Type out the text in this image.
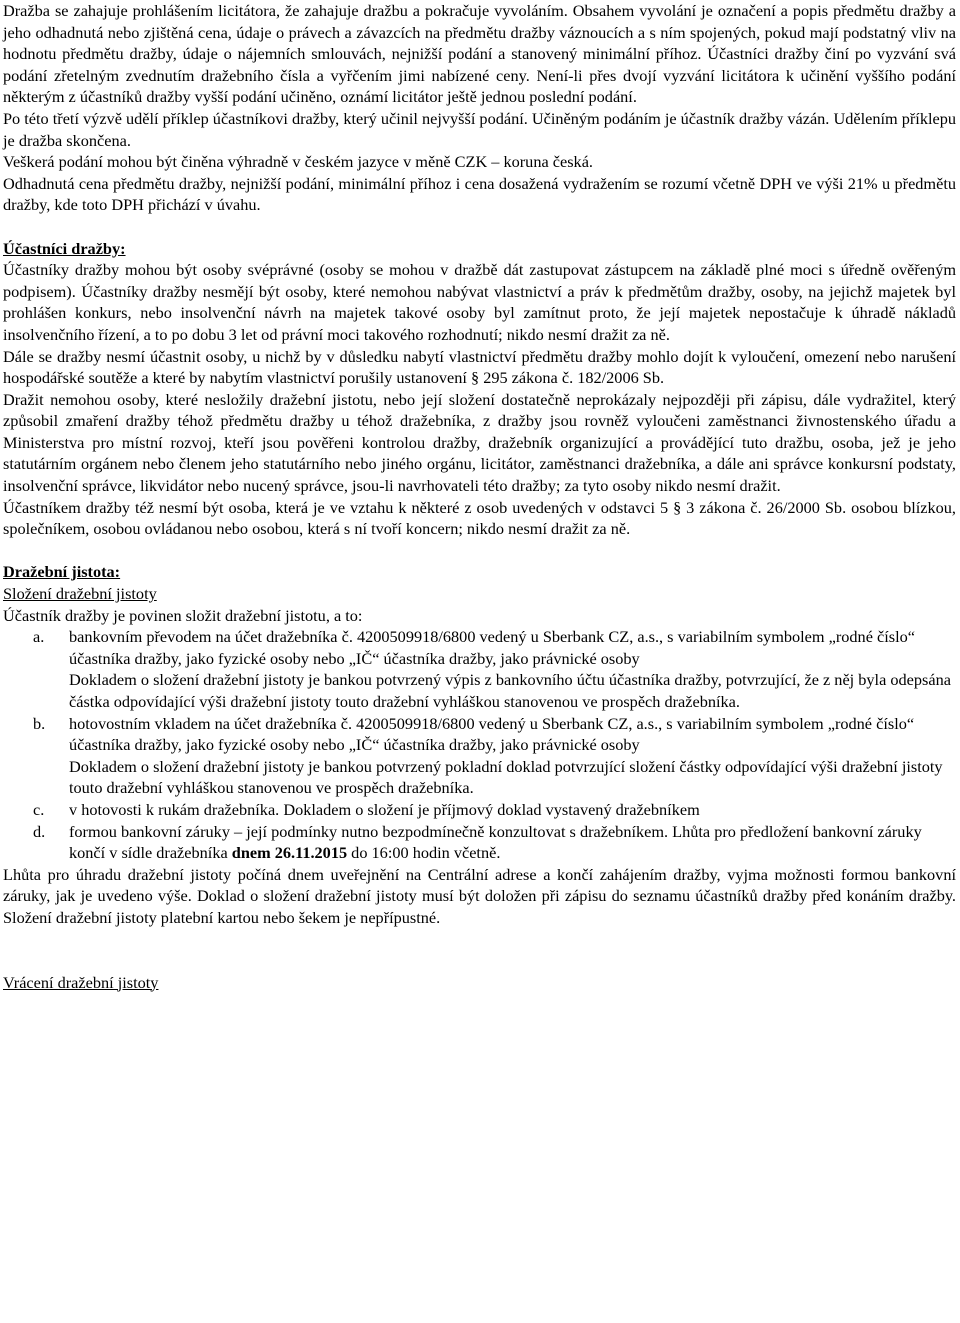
Dražba se zahajuje prohlášením licitátora, že zahajuje dražbu a pokračuje vyvoláním. Obsahem vyvolání je označení a popis předmětu dražby a jeho odhadnutá nebo zjištěná cena, údaje o právech a závazcích na předmětu dražby váznoucích a s ním spojených, pokud mají podstatný vliv na hodnotu předmětu dražby, údaje o nájemních smlouvách, nejnižší podání a stanovený minimální příhoz. Účastníci dražby činí po vyzvání svá podání zřetelným zvednutím dražebního čísla a vyřčením jimi nabízené ceny. Není-li přes dvojí vyzvání licitátora k učinění vyššího podání některým z účastníků dražby vyšší podání učiněno, oznámí licitátor ještě jednou poslední podání.
Po této třetí výzvě udělí příklep účastníkovi dražby, který učinil nejvyšší podání. Učiněným podáním je účastník dražby vázán. Udělením příklepu je dražba skončena.
Veškerá podání mohou být činěna výhradně v českém jazyce v měně CZK – koruna česká.
Odhadnutá cena předmětu dražby, nejnižší podání, minimální příhoz i cena dosažená vydražením se rozumí včetně DPH ve výši 21% u předmětu dražby, kde toto DPH přichází v úvahu.
Účastníci dražby:
Účastníky dražby mohou být osoby svéprávné (osoby se mohou v dražbě dát zastupovat zástupcem na základě plné moci s úředně ověřeným podpisem). Účastníky dražby nesmějí být osoby, které nemohou nabývat vlastnictví a práv k předmětům dražby, osoby, na jejichž majetek byl prohlášen konkurs, nebo insolvenční návrh na majetek takové osoby byl zamítnut proto, že její majetek nepostačuje k úhradě nákladů insolvenčního řízení, a to po dobu 3 let od právní moci takového rozhodnutí; nikdo nesmí dražit za ně.
Dále se dražby nesmí účastnit osoby, u nichž by v důsledku nabytí vlastnictví předmětu dražby mohlo dojít k vyloučení, omezení nebo narušení hospodářské soutěže a které by nabytím vlastnictví porušily ustanovení § 295 zákona č. 182/2006 Sb.
Dražit nemohou osoby, které nesložily dražební jistotu, nebo její složení dostatečně neprokázaly nejpozději při zápisu, dále vydražitel, který způsobil zmaření dražby téhož předmětu dražby u téhož dražebníka, z dražby jsou rovněž vyloučeni zaměstnanci živnostenského úřadu a Ministerstva pro místní rozvoj, kteří jsou pověřeni kontrolou dražby, dražebník organizující a provádějící tuto dražbu, osoba, jež je jeho statutárním orgánem nebo členem jeho statutárního nebo jiného orgánu, licitátor, zaměstnanci dražebníka, a dále ani správce konkursní podstaty, insolvenční správce, likvidátor nebo nucený správce, jsou-li navrhovateli této dražby; za tyto osoby nikdo nesmí dražit.
Účastníkem dražby též nesmí být osoba, která je ve vztahu k některé z osob uvedených v odstavci 5 § 3 zákona č. 26/2000 Sb. osobou blízkou, společníkem, osobou ovládanou nebo osobou, která s ní tvoří koncern; nikdo nesmí dražit za ně.
Dražební jistota:
Složení dražební jistoty
Účastník dražby je povinen složit dražební jistotu, a to:
a. bankovním převodem na účet dražebníka č. 4200509918/6800 vedený u Sberbank CZ, a.s., s variabilním symbolem „rodné číslo“ účastníka dražby, jako fyzické osoby nebo „IČ“ účastníka dražby, jako právnické osoby
Dokladem o složení dražební jistoty je bankou potvrzený výpis z bankovního účtu účastníka dražby, potvrzující, že z něj byla odepsána částka odpovídající výši dražební jistoty touto dražební vyhláškou stanovenou ve prospěch dražebníka.
b. hotovostním vkladem na účet dražebníka č. 4200509918/6800 vedený u Sberbank CZ, a.s., s variabilním symbolem „rodné číslo“ účastníka dražby, jako fyzické osoby nebo „IČ“ účastníka dražby, jako právnické osoby
Dokladem o složení dražební jistoty je bankou potvrzený pokladní doklad potvrzující složení částky odpovídající výši dražební jistoty touto dražební vyhláškou stanovenou ve prospěch dražebníka.
c. v hotovosti k rukám dražebníka. Dokladem o složení je příjmový doklad vystavený dražebníkem
d. formou bankovní záruky – její podmínky nutno bezpodmínečně konzultovat s dražebníkem. Lhůta pro předložení bankovní záruky končí v sídle dražebníka dnem 26.11.2015 do 16:00 hodin včetně.
Lhůta pro úhradu dražební jistoty počíná dnem uveřejnění na Centrální adrese a končí zahájením dražby, vyjma možnosti formou bankovní záruky, jak je uvedeno výše. Doklad o složení dražební jistoty musí být doložen při zápisu do seznamu účastníků dražby před konáním dražby. Složení dražební jistoty platební kartou nebo šekem je nepřípustné.
Vrácení dražební jistoty
